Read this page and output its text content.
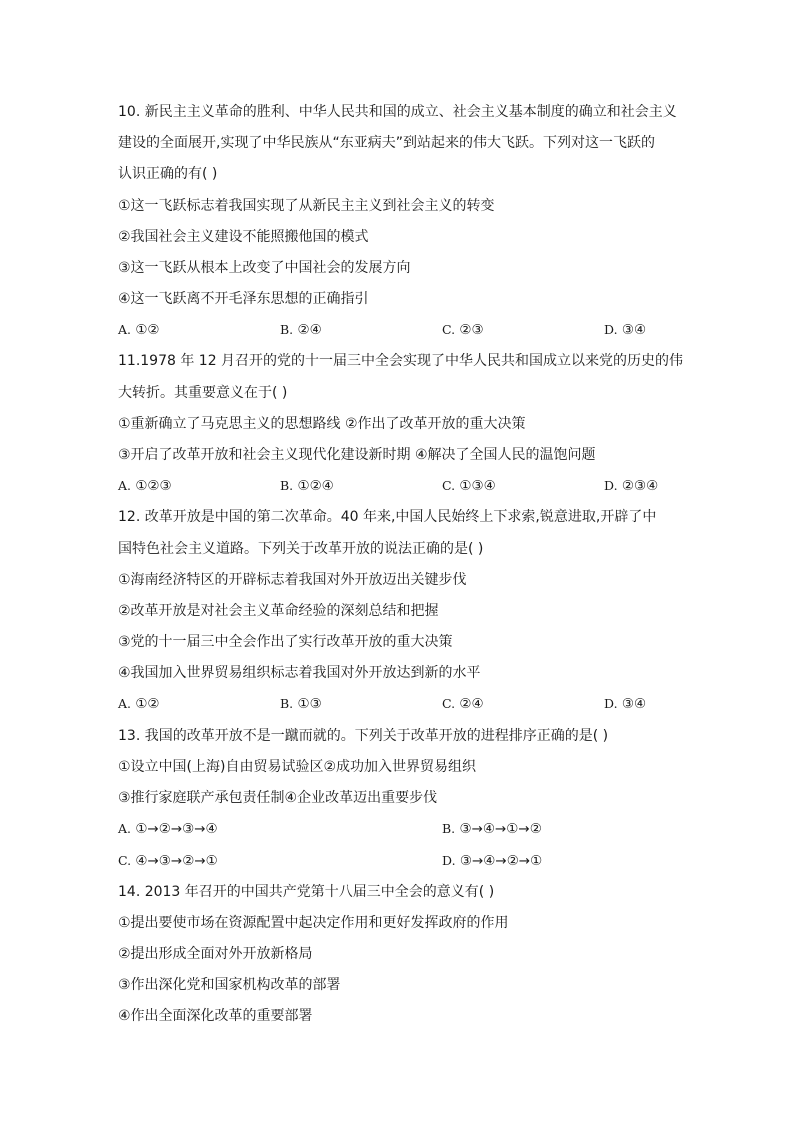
10. 新民主主义革命的胜利、中华人民共和国的成立、社会主义基本制度的确立和社会主义
建设的全面展开,实现了中华民族从“东亚病夫”到站起来的伟大飞跃。下列对这一飞跃的
认识正确的有( )
①这一飞跃标志着我国实现了从新民主主义到社会主义的转变
②我国社会主义建设不能照搬他国的模式
③这一飞跃从根本上改变了中国社会的发展方向
④这一飞跃离不开毛泽东思想的正确指引
A. ①②	B. ②④	C. ②③	D. ③④
11.1978 年 12 月召开的党的十一届三中全会实现了中华人民共和国成立以来党的历史的伟
大转折。其重要意义在于( )
①重新确立了马克思主义的思想路线 ②作出了改革开放的重大决策
③开启了改革开放和社会主义现代化建设新时期 ④解决了全国人民的温饱问题
A. ①②③	B. ①②④	C. ①③④	D. ②③④
12. 改革开放是中国的第二次革命。40 年来,中国人民始终上下求索,锐意进取,开辟了中
国特色社会主义道路。下列关于改革开放的说法正确的是( )
①海南经济特区的开辟标志着我国对外开放迈出关键步伐
②改革开放是对社会主义革命经验的深刻总结和把握
③党的十一届三中全会作出了实行改革开放的重大决策
④我国加入世界贸易组织标志着我国对外开放达到新的水平
A. ①②	B. ①③	C. ②④	D. ③④
13. 我国的改革开放不是一蹴而就的。下列关于改革开放的进程排序正确的是( )
①设立中国(上海)自由贸易试验区②成功加入世界贸易组织
③推行家庭联产承包责任制④企业改革迈出重要步伐
A. ①→②→③→④	B. ③→④→①→②
C. ④→③→②→①	D. ③→④→②→①
14. 2013 年召开的中国共产党第十八届三中全会的意义有( )
①提出要使市场在资源配置中起决定作用和更好发挥政府的作用
②提出形成全面对外开放新格局
③作出深化党和国家机构改革的部署
④作出全面深化改革的重要部署
